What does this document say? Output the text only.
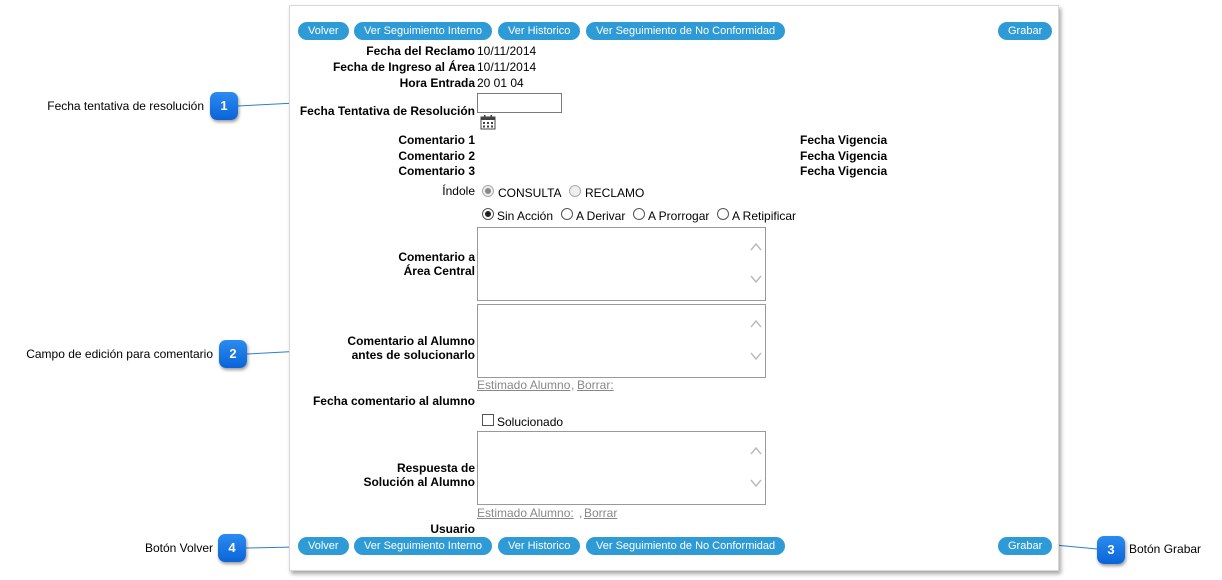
Volver	Ver Seguimiento Interno	Ver Historico	Ver Seguimiento de No Conformidad	Grabar
Fecha del Reclamo 10/11/2014
Fecha de Ingreso al Área 10/11/2014
Hora Entrada 20 01 04
Fecha Tentativa de Resolución
Comentario 1	Fecha Vigencia
Comentario 2	Fecha Vigencia
Comentario 3	Fecha Vigencia
Índole CONSULTA RECLAMO
Sin Acción A Derivar A Prorrogar A Retipificar
Comentario a
Área Central
Comentario al Alumno
antes de solucionarlo
Estimado Alumno , Borrar:
Fecha comentario al alumno
Solucionado
Respuesta de
Solución al Alumno
Estimado Alumno: , Borrar
Usuario
Volver	Ver Seguimiento Interno	Ver Historico	Ver Seguimiento de No Conformidad	Grabar
Fecha tentativa de resolución	1
Campo de edición para comentario	2
3	Botón Grabar
Botón Volver	4
